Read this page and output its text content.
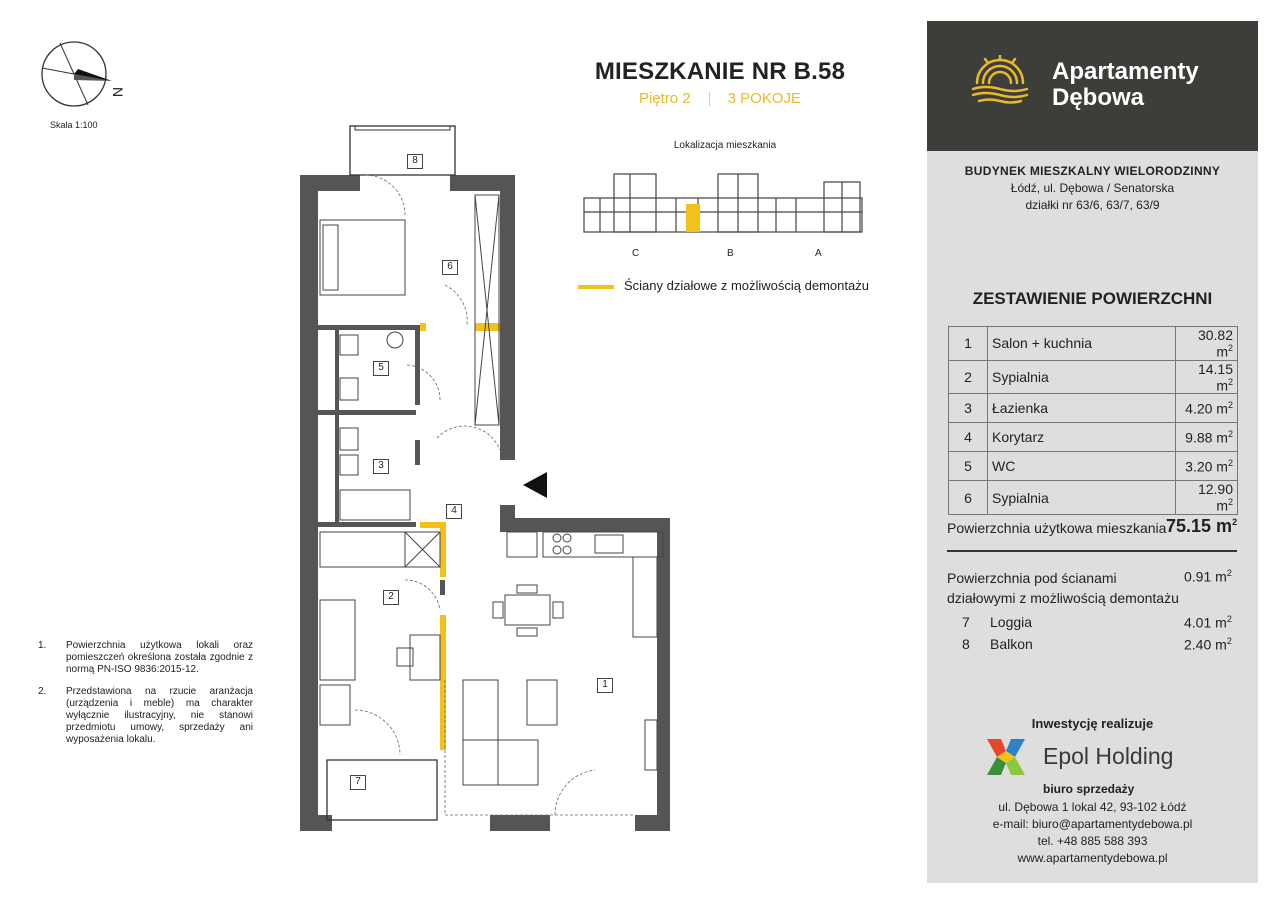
N
Skala 1:100
MIESZKANIE NR B.58
Piętro 2 3 POKOJE
Lokalizacja mieszkania
C	B	A
Ściany działowe z możliwością demontażu
8
6
5
3
4
2
1
7
1.	Powierzchnia użytkowa lokali oraz pomieszczeń określona została zgodnie z normą PN-ISO 9836:2015-12.
2.	Przedstawiona na rzucie aranżacja (urządzenia i meble) ma charakter wyłącznie ilustracyjny, nie stanowi przedmiotu umowy, sprzedaży ani wyposażenia lokalu.
Apartamenty
Dębowa
BUDYNEK MIESZKALNY WIELORODZINNY
Łódź, ul. Dębowa / Senatorska
działki nr 63/6, 63/7, 63/9
ZESTAWIENIE POWIERZCHNI
1	Salon + kuchnia	30.82 $m^2$
2	Sypialnia	14.15 $m^2$
3	Łazienka	4.20 $m^2$
4	Korytarz	9.88 $m^2$
5	WC	3.20 $m^2$
6	Sypialnia	12.90 $m^2$
Powierzchnia użytkowa mieszkania 75.15 $m^2$
Powierzchnia pod ścianami
działowymi z możliwością demontażu
0.91 $m^2$
7 Loggia	4.01 $m^2$
8 Balkon	2.40 $m^2$
Inwestycję realizuje
Epol Holding
biuro sprzedaży
ul. Dębowa 1 lokal 42, 93-102 Łódź
e-mail: biuro@apartamentydebowa.pl
tel. +48 885 588 393
www.apartamentydebowa.pl
